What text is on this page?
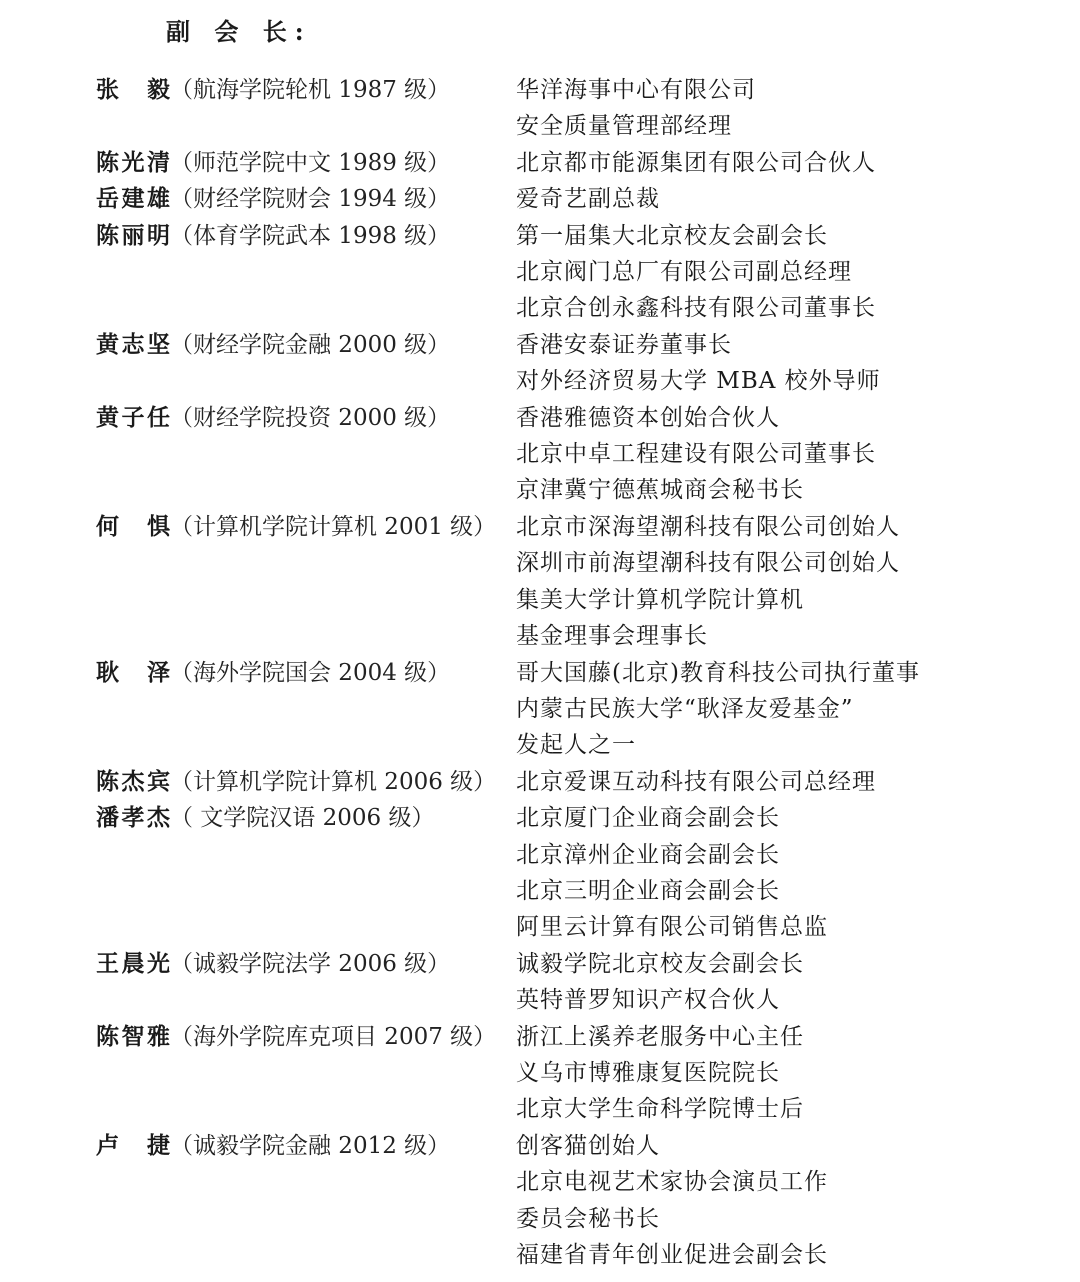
副 会 长:
张 毅（航海学院轮机 1987 级）	华洋海事中心有限公司
安全质量管理部经理
陈光清（师范学院中文 1989 级）	北京都市能源集团有限公司合伙人
岳建雄（财经学院财会 1994 级）	爱奇艺副总裁
陈丽明（体育学院武本 1998 级）	第一届集大北京校友会副会长
北京阀门总厂有限公司副总经理
北京合创永鑫科技有限公司董事长
黄志坚（财经学院金融 2000 级）	香港安泰证券董事长
对外经济贸易大学 MBA 校外导师
黄子任（财经学院投资 2000 级）	香港雅德资本创始合伙人
北京中卓工程建设有限公司董事长
京津冀宁德蕉城商会秘书长
何 惧（计算机学院计算机 2001 级） 北京市深海望潮科技有限公司创始人
深圳市前海望潮科技有限公司创始人
集美大学计算机学院计算机
基金理事会理事长
耿 泽（海外学院国会 2004 级）	哥大国藤(北京)教育科技公司执行董事
内蒙古民族大学“耿泽友爱基金”
发起人之一
陈杰宾（计算机学院计算机 2006 级） 北京爱课互动科技有限公司总经理
潘孝杰（ 文学院汉语 2006 级）	北京厦门企业商会副会长
北京漳州企业商会副会长
北京三明企业商会副会长
阿里云计算有限公司销售总监
王晨光（诚毅学院法学 2006 级）	诚毅学院北京校友会副会长
英特普罗知识产权合伙人
陈智雅（海外学院库克项目 2007 级） 浙江上溪养老服务中心主任
义乌市博雅康复医院院长
北京大学生命科学院博士后
卢 捷（诚毅学院金融 2012 级）	创客猫创始人
北京电视艺术家协会演员工作
委员会秘书长
福建省青年创业促进会副会长
